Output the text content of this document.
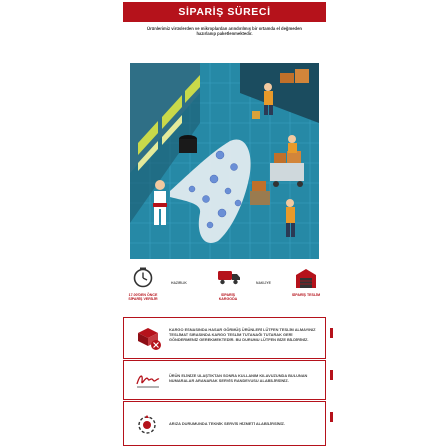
SİPARİŞ SÜRECİ
Ürünlerimiz virüslerden ve mikroplardan arındırılmış bir ortamda el değmeden hazırlanıp paketlenmektedir.
17.00'DEN ÖNCE SİPARİŞ VERİLİR
HAZIRLIK
SİPARİŞ KARGODA
NAKLİYE
SİPARİŞ TESLİM
KARGO ESNASINDA HASAR GÖRMÜŞ ÜRÜNLERİ LÜTFEN TESLİM ALMAYINIZ TESLİMAT SIRASINDA KARGO TESLİM TUTANAĞI TUTARAK GERİ GÖNDERMENİZ GEREKMEKTEDİR. BU DURUMU LÜTFEN BİZE BİLDİRİNİZ.
ÜRÜN ELİNİZE ULAŞTIKTAN SONRA KULLANIM KILAVUZUNDA BULUNAN NUMARALAR ARANARAK SERVİS RANDEVUSU ALABİLİRSİNİZ.
ARIZA DURUMUNDA TEKNİK SERVİS HİZMETİ ALABİLİRSİNİZ.
